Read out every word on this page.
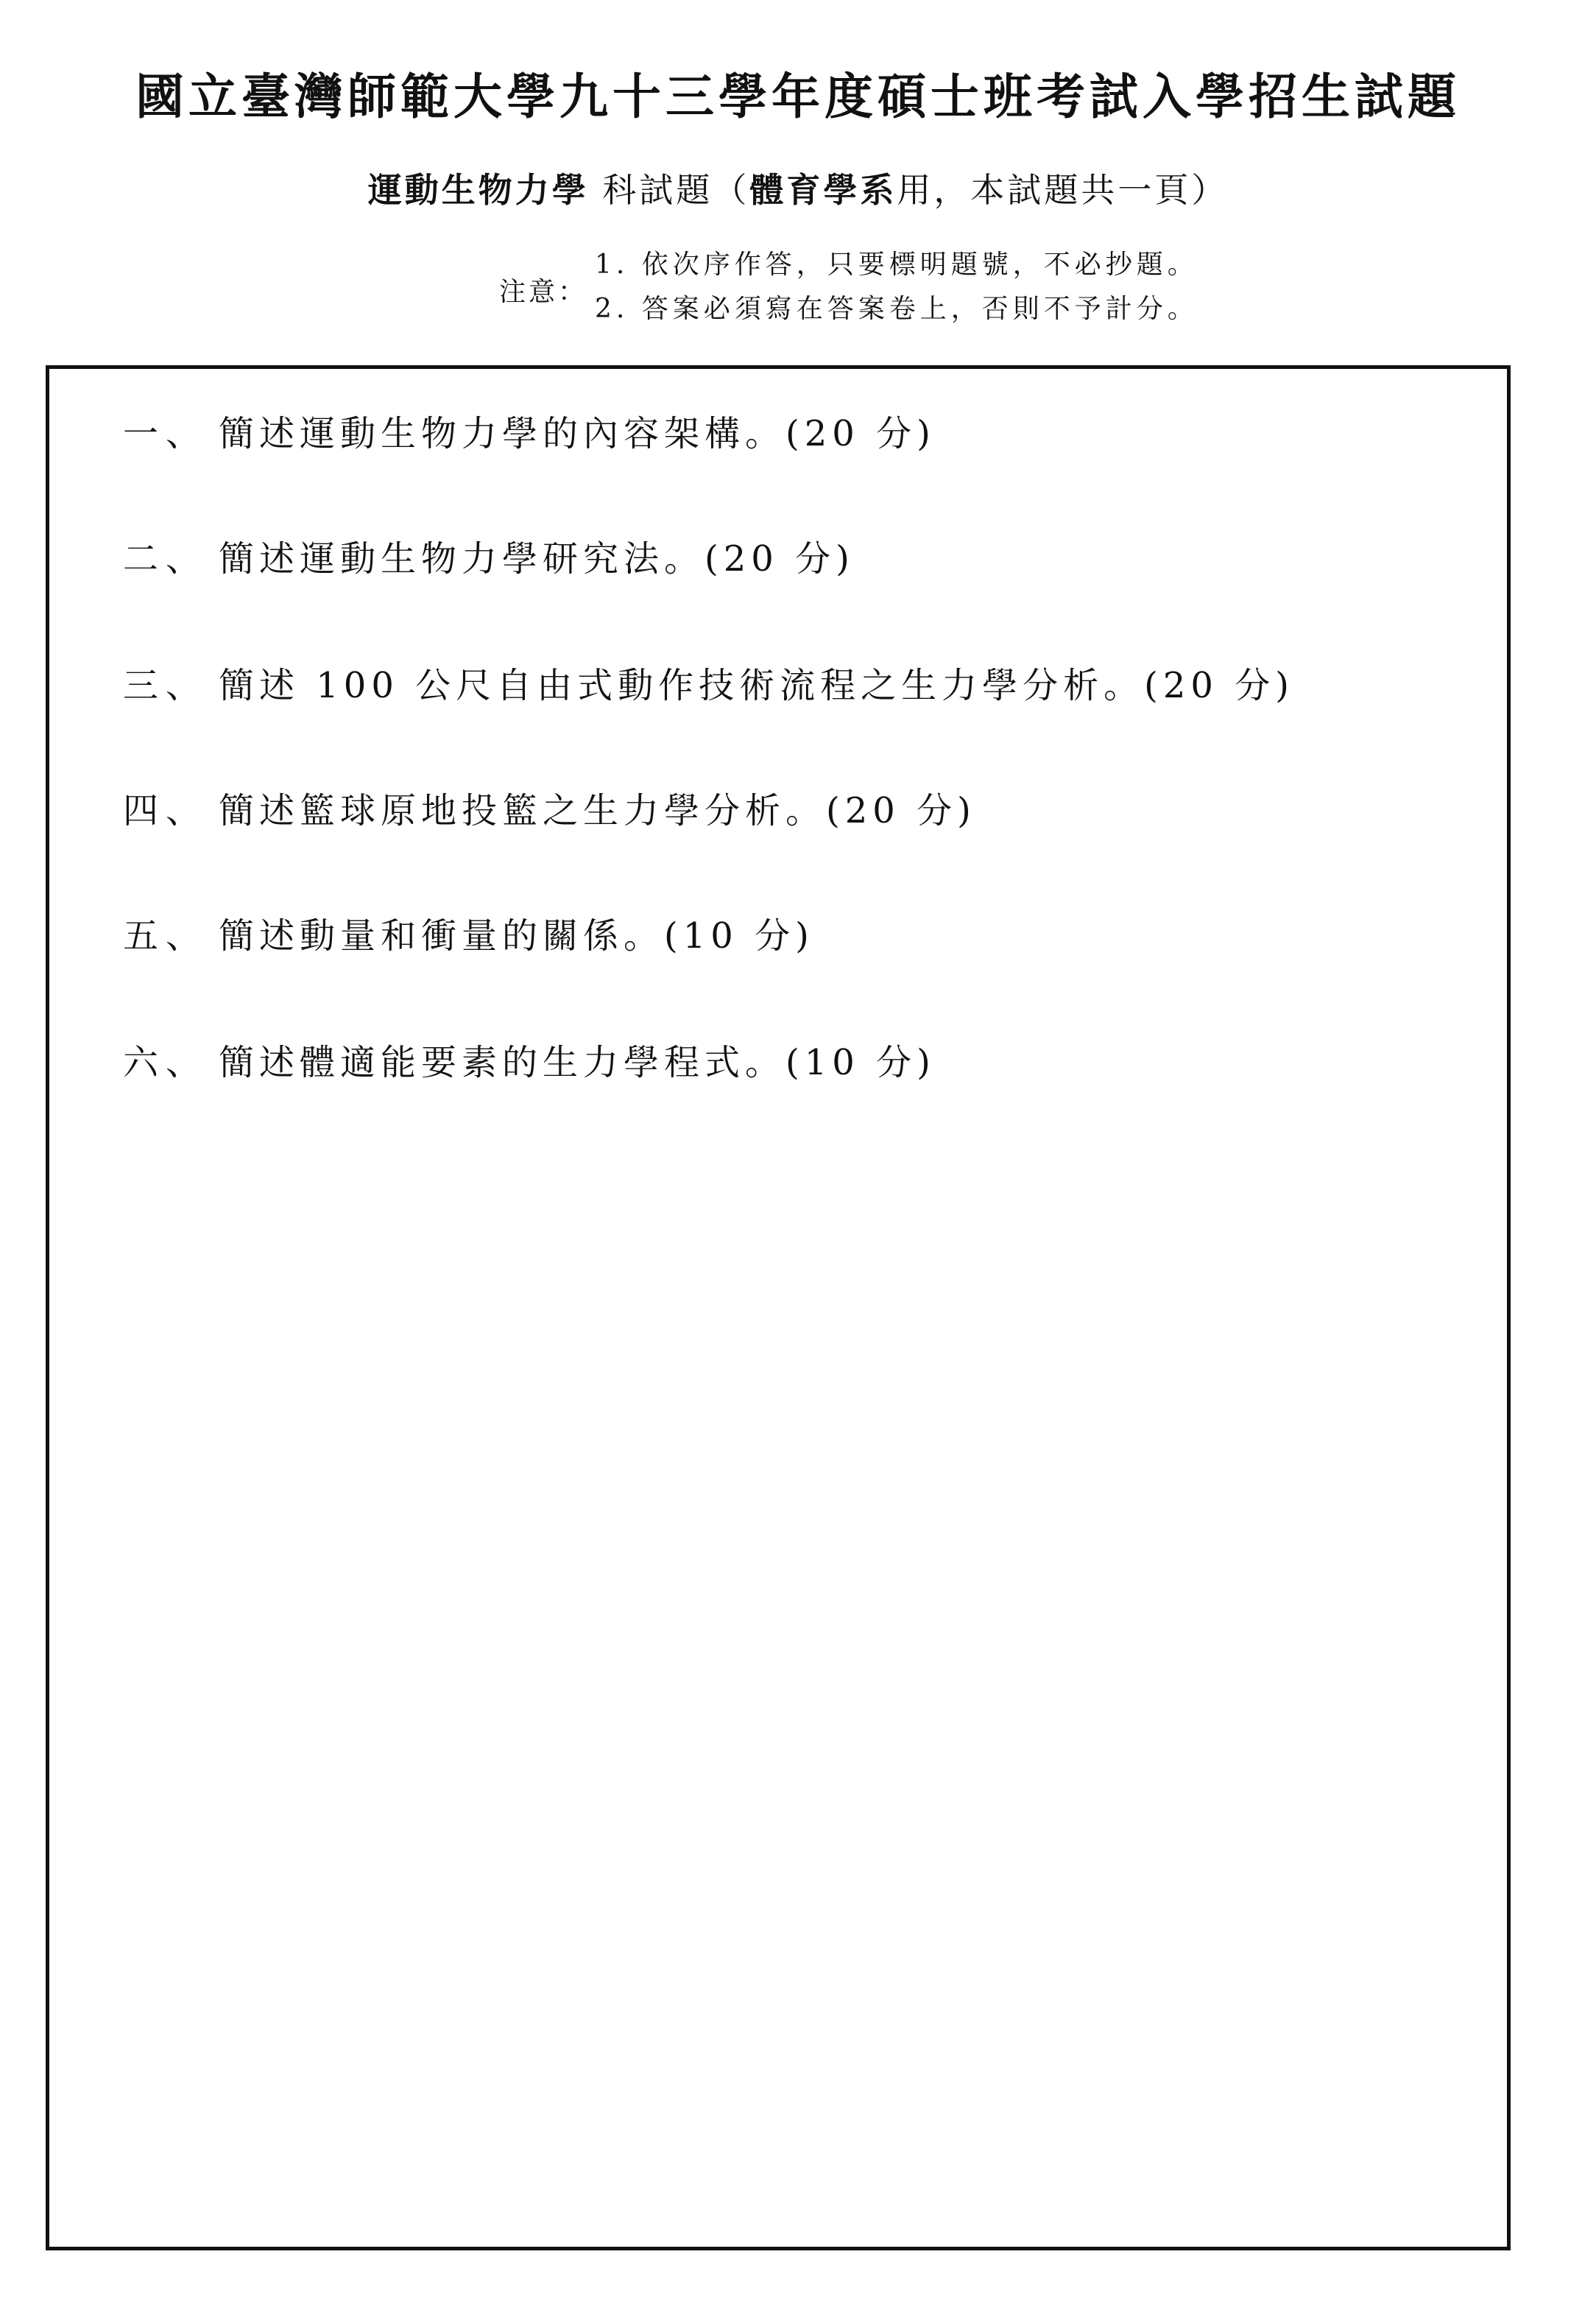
國立臺灣師範大學九十三學年度碩士班考試入學招生試題
運動生物力學 科試題（體育學系用，本試題共一頁）
注意：
1. 依次序作答，只要標明題號，不必抄題。
2. 答案必須寫在答案卷上，否則不予計分。
一、 簡述運動生物力學的內容架構。(20 分)
二、 簡述運動生物力學研究法。(20 分)
三、 簡述 100 公尺自由式動作技術流程之生力學分析。(20 分)
四、 簡述籃球原地投籃之生力學分析。(20 分)
五、 簡述動量和衝量的關係。(10 分)
六、 簡述體適能要素的生力學程式。(10 分)
